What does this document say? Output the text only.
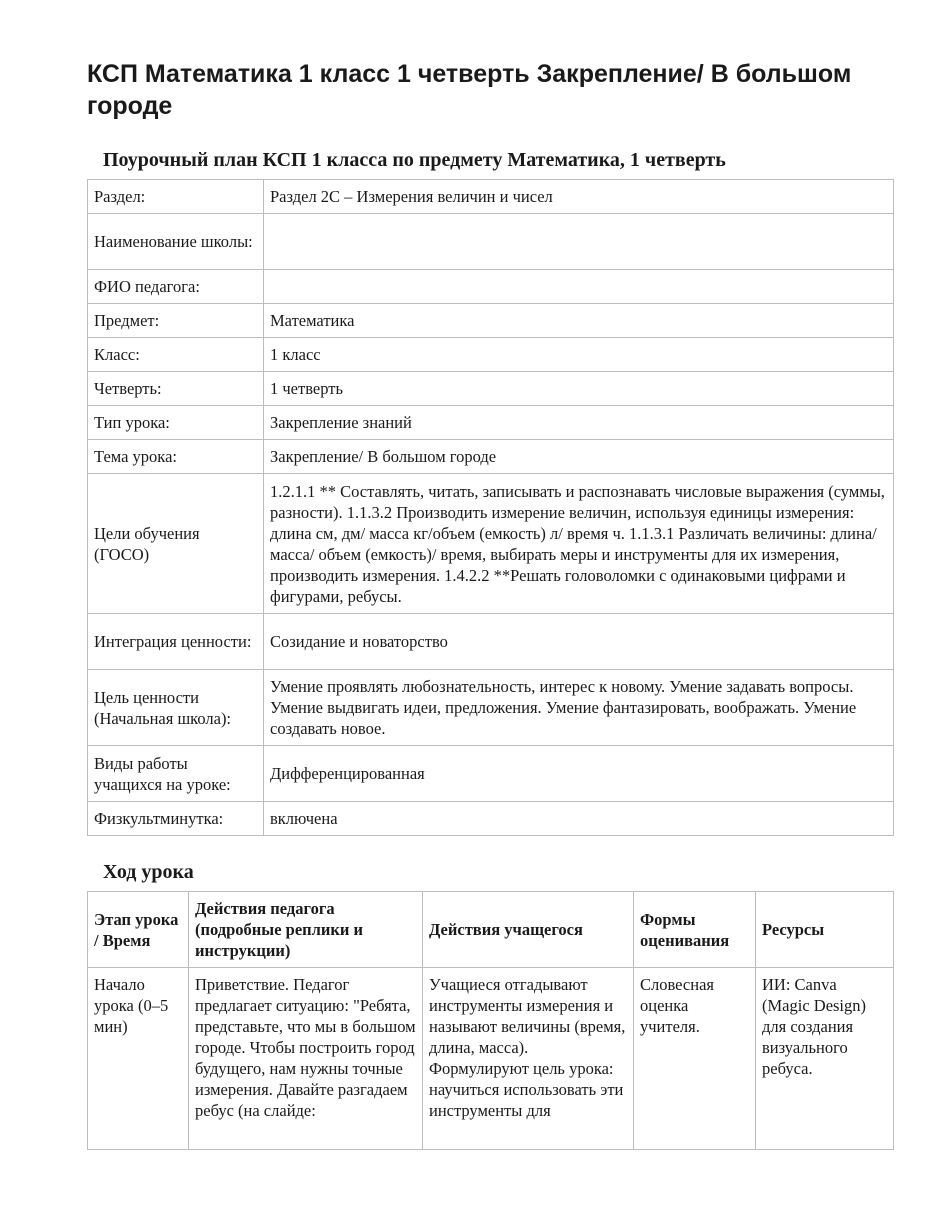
КСП Математика 1 класс 1 четверть Закрепление/ В большом городе
Поурочный план КСП 1 класса по предмету Математика, 1 четверть
Раздел:	Раздел 2C – Измерения величин и чисел
Наименование школы:	
ФИО педагога:	
Предмет:	Математика
Класс:	1 класс
Четверть:	1 четверть
Тип урока:	Закрепление знаний
Тема урока:	Закрепление/ В большом городе
Цели обучения (ГОСО)	1.2.1.1 ** Составлять, читать, записывать и распознавать числовые выражения (суммы, разности). 1.1.3.2 Производить измерение величин, используя единицы измерения: длина см, дм/ масса кг/объем (емкость) л/ время ч. 1.1.3.1 Различать величины: длина/масса/ объем (емкость)/ время, выбирать меры и инструменты для их измерения, производить измерения. 1.4.2.2 **Решать головоломки с одинаковыми цифрами и фигурами, ребусы.
Интеграция ценности:	Созидание и новаторство
Цель ценности (Начальная школа):	Умение проявлять любознательность, интерес к новому. Умение задавать вопросы. Умение выдвигать идеи, предложения. Умение фантазировать, воображать. Умение создавать новое.
Виды работы учащихся на уроке:	Дифференцированная
Физкультминутка:	включена
Ход урока
Этап урока / Время	Действия педагога (подробные реплики и инструкции)	Действия учащегося	Формы оценивания	Ресурсы

Начало урока (0–5 мин)	Приветствие. Педагог предлагает ситуацию: "Ребята, представьте, что мы в большом городе. Чтобы построить город будущего, нам нужны точные измерения. Давайте разгадаем ребус (на слайде:	Учащиеся отгадывают инструменты измерения и называют величины (время, длина, масса). Формулируют цель урока: научиться использовать эти инструменты для	Словесная оценка учителя.	ИИ: Canva (Magic Design) для создания визуального ребуса.
